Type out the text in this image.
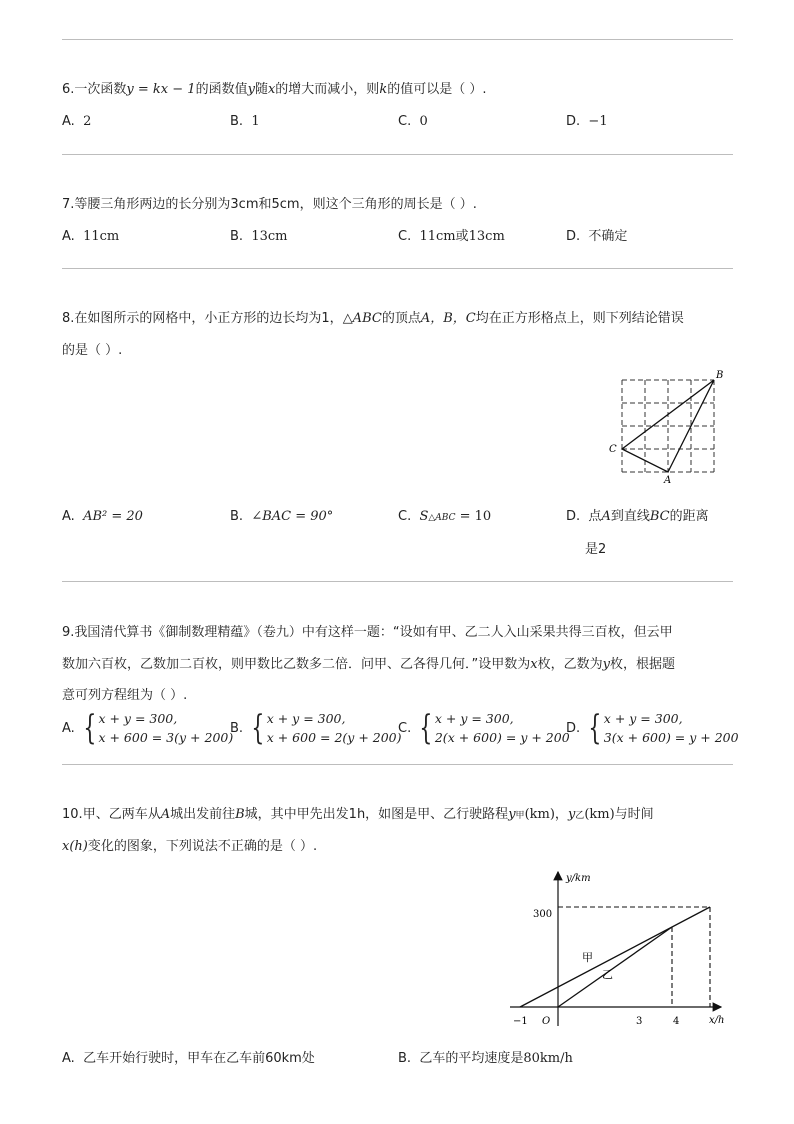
6.一次函数y = kx − 1的函数值y随x的增大而减小，则k的值可以是（ ）.
A. 2	B. 1	C. 0	D. −1
7.等腰三角形两边的长分别为3cm和5cm，则这个三角形的周长是（ ）.
A. 11cm	B. 13cm	C. 11cm或13cm	D. 不确定
8.在如图所示的网格中，小正方形的边长均为1，△ABC的顶点A，B，C均在正方形格点上，则下列结论错误
的是（ ）.
B
C
A
A. AB² = 20	B. ∠BAC = 90°	C. S△ABC = 10	D. 点A到直线BC的距离
是2
9.我国清代算书《御制数理精蕴》（卷九）中有这样一题：“设如有甲、乙二人入山采果共得三百枚，但云甲
数加六百枚，乙数加二百枚，则甲数比乙数多二倍．问甲、乙各得几何．”设甲数为x枚，乙数为y枚，根据题
意可列方程组为（ ）.
A. { x + y = 300,
x + 600 = 3(y + 200)
B. { x + y = 300,
x + 600 = 2(y + 200)
C. { x + y = 300,
2(x + 600) = y + 200
D. { x + y = 300,
3(x + 600) = y + 200
10.甲、乙两车从A城出发前往B城，其中甲先出发1h，如图是甲、乙行驶路程y甲(km)，y乙(km)与时间
x(h)变化的图象，下列说法不正确的是（ ）.
y/km
x/h
O
300
−1	3	4
甲
乙
A. 乙车开始行驶时，甲车在乙车前60km处	B. 乙车的平均速度是80km/h
